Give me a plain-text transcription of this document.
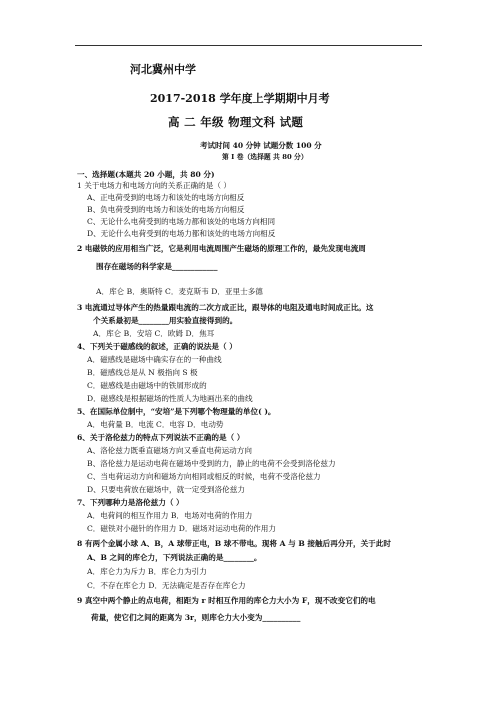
河北冀州中学
2017-2018 学年度上学期期中月考
高 二 年级 物理文科 试题
考试时间 40 分钟 试题分数 100 分
第 I 卷（选择题 共 80 分）
一、选择题(本题共 20 小题，共 80 分)
1 关于电场力和电场方向的关系正确的是（ ）
A、正电荷受到的电场力和该处的电场方向相反
B、负电荷受到的电场力和该处的电场方向相反
C、无论什么电荷受到的电场力都和该处的电场方向相同
D、无论什么电荷受到的电场力都和该处的电场方向相反
2 电磁铁的应用相当广泛，它是利用电流周围产生磁场的原理工作的，最先发现电流周
围存在磁场的科学家是____________
A．库仑 B．奥斯特 C．麦克斯韦 D．亚里士多德
3 电流通过导体产生的热量跟电流的二次方成正比，跟导体的电阻及通电时间成正比。这
个关系最初是________用实验直接得到的。
A．库仑 B．安培 C．欧姆 D．焦耳
4、下列关于磁感线的叙述，正确的说法是（ ）
A．磁感线是磁场中确实存在的一种曲线
B．磁感线总是从 N 极指向 S 极
C．磁感线是由磁场中的铁屑形成的
D．磁感线是根据磁场的性质人为地画出来的曲线
5、在国际单位制中，“安培”是下列哪个物理量的单位( )。
A．电荷量 B．电流 C．电容 D．电动势
6、关于洛伦兹力的特点下列说法不正确的是（ ）
A、洛伦兹力既垂直磁场方向又垂直电荷运动方向
B、洛伦兹力是运动电荷在磁场中受到的力，静止的电荷不会受到洛伦兹力
C、当电荷运动方向和磁场方向相同或相反的时候，电荷不受洛伦兹力
D、只要电荷放在磁场中，就一定受到洛伦兹力
7、下列哪种力是洛伦兹力（ ）
A．电荷间的相互作用力 B．电场对电荷的作用力
C．磁铁对小磁针的作用力 D．磁场对运动电荷的作用力
8 有两个金属小球 A、B，A 球带正电，B 球不带电。现将 A 与 B 接触后再分开，关于此时
A、B 之间的库仑力，下列说法正确的是________。
A．库仑力为斥力 B．库仑力为引力
C．不存在库仑力 D．无法确定是否存在库仑力
9 真空中两个静止的点电荷，相距为 r 时相互作用的库仑力大小为 F，现不改变它们的电
荷量，使它们之间的距离为 3r，则库仑力大小变为__________
